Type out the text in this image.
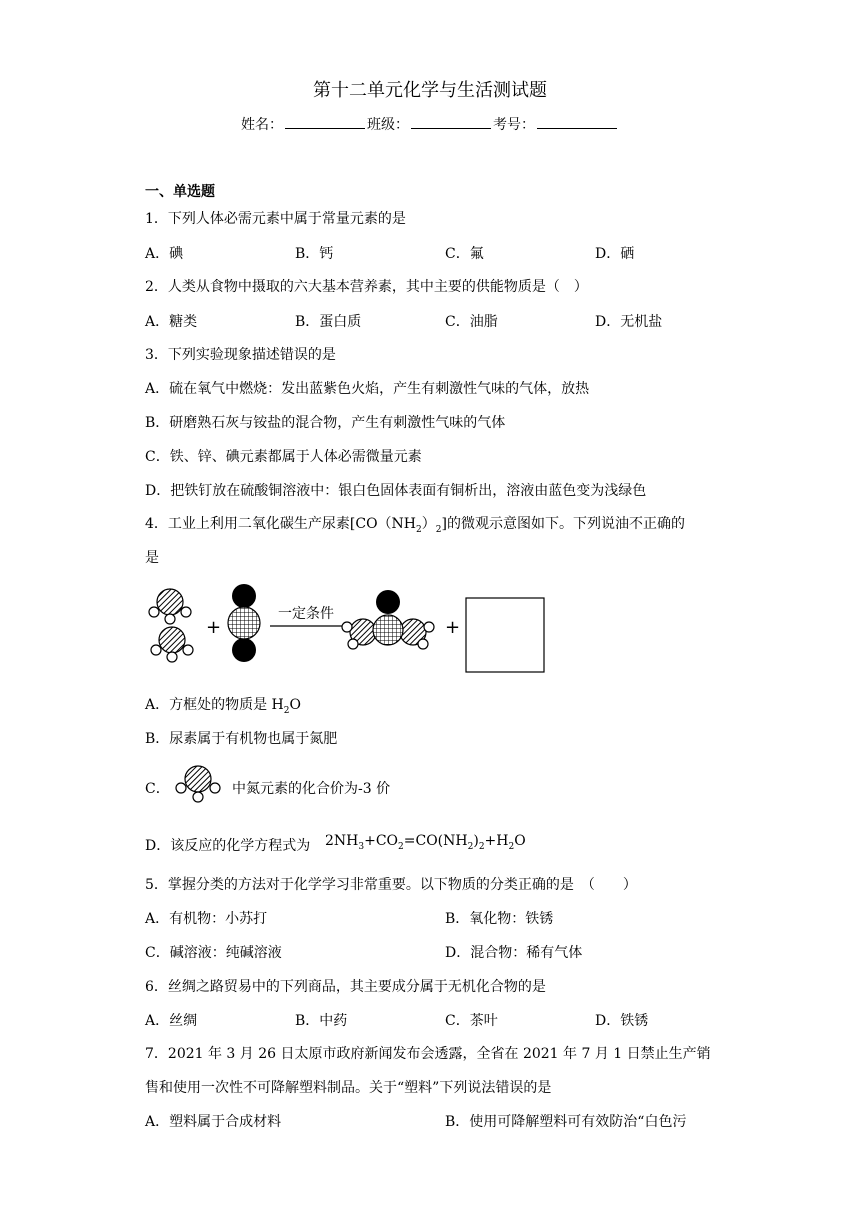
第十二单元化学与生活测试题
姓名：	班级：	考号：
一、单选题
1．下列人体必需元素中属于常量元素的是
A．碘	B．钙	C．氟	D．硒
2．人类从食物中摄取的六大基本营养素，其中主要的供能物质是（　）
A．糖类	B．蛋白质	C．油脂	D．无机盐
3．下列实验现象描述错误的是
A．硫在氧气中燃烧：发出蓝紫色火焰，产生有刺激性气味的气体，放热
B．研磨熟石灰与铵盐的混合物，产生有刺激性气味的气体
C．铁、锌、碘元素都属于人体必需微量元素
D．把铁钉放在硫酸铜溶液中：银白色固体表面有铜析出，溶液由蓝色变为浅绿色
4．工业上利用二氧化碳生产尿素$[CO(NH_2)_2]$的微观示意图如下。下列说油不正确的
是
+
一定条件
+
A．方框处的物质是 $H_2O$
B．尿素属于有机物也属于氮肥
C．	中氮元素的化合价为-3 价
D．该反应的化学方程式为 $2NH_3+CO_2=CO(NH_2)_2+H_2O$
5．掌握分类的方法对于化学学习非常重要。以下物质的分类正确的是　（　　）
A．有机物：小苏打	B．氧化物：铁锈
C．碱溶液：纯碱溶液	D．混合物：稀有气体
6．丝绸之路贸易中的下列商品，其主要成分属于无机化合物的是
A．丝绸	B．中药	C．茶叶	D．铁锈
7．2021 年 3 月 26 日太原市政府新闻发布会透露，全省在 2021 年 7 月 1 日禁止生产销
售和使用一次性不可降解塑料制品。关于“塑料”下列说法错误的是
A．塑料属于合成材料	B．使用可降解塑料可有效防治“白色污
